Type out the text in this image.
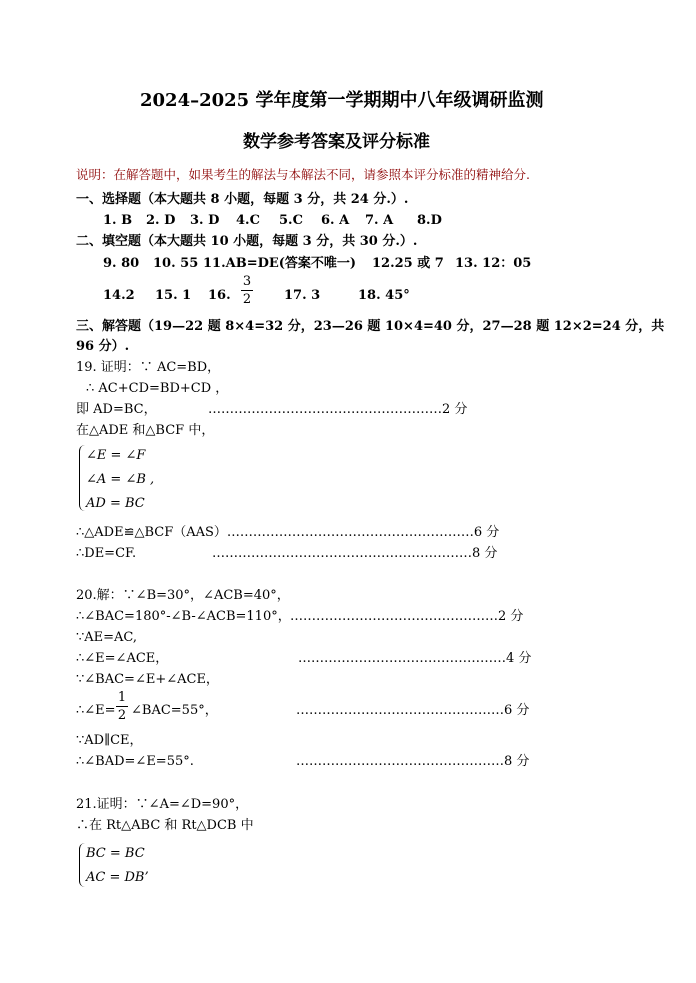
2024–2025 学年度第一学期期中八年级调研监测
数学参考答案及评分标准
说明：在解答题中，如果考生的解法与本解法不同，请参照本评分标准的精神给分.
一、选择题（本大题共 8 小题，每题 3 分，共 24 分.）.
1. B 2. D 3. D 4.C 5.C 6. A 7. A 8.D
二、填空题（本大题共 10 小题，每题 3 分，共 30 分.）.
9. 80 10. 55 11.AB=DE(答案不唯一) 12.25 或 7 13. 12：05
14.2 15. 1 16.
3
2	17. 3	18. 45°
三、解答题（19—22 题 8×4=32 分，23—26 题 10×4=40 分，27—28 题 12×2=24 分，共
96 分）.
19. 证明：∵ AC=BD，
∴ AC+CD=BD+CD ，
即 AD=BC，	………………………………………………2 分
在△ADE 和△BCF 中，
∠E = ∠F
∠A = ∠B ,
AD = BC
∴△ADE≌△BCF（AAS）…………………………………………………6 分
∴DE=CF.	……………………………………………………8 分
20.解：∵∠B=30°，∠ACB=40°，
∴∠BAC=180°-∠B-∠ACB=110°， …………………………………………2 分
∵AE=AC,
∴∠E=∠ACE，	…………………………………………4 分
∵∠BAC=∠E+∠ACE，
∴∠E=
1
2 ∠BAC=55°，	…………………………………………6 分
∵AD∥CE，
∴∠BAD=∠E=55°.	…………………………………………8 分
21.证明：∵∠A=∠D=90°，
∴在 Rt△ABC 和 Rt△DCB 中
BC = BC
AC = DB’
